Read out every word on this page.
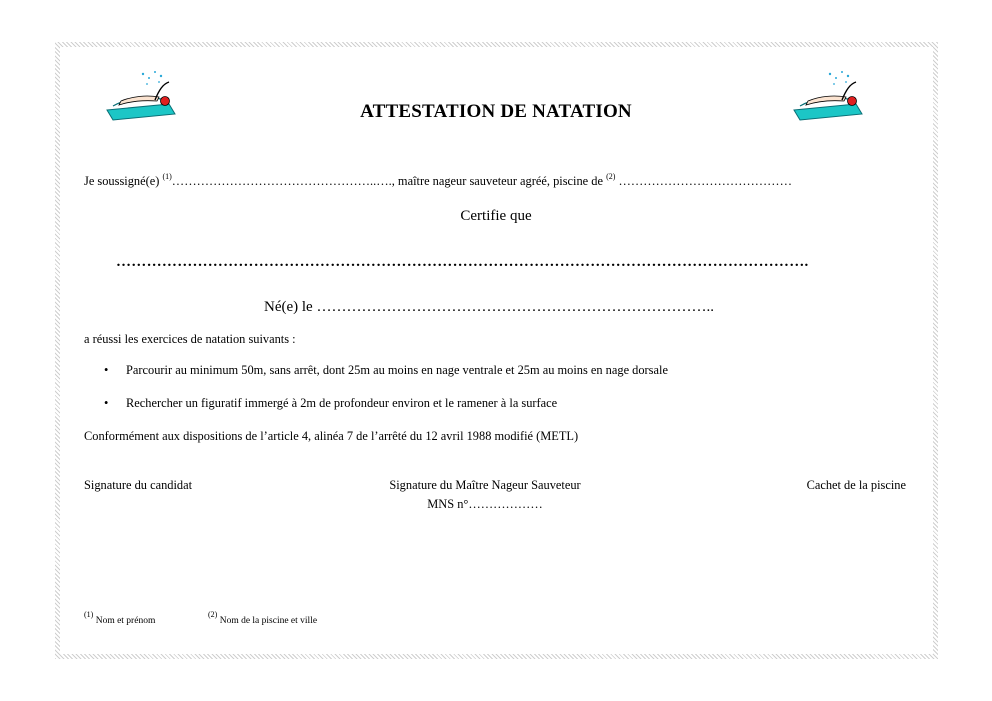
ATTESTATION DE NATATION
Je soussigné(e) $^{(1)}$…………………………………………..…., maître nageur sauveteur agréé, piscine de $^{(2)}$ ……………………………………
Certifie que
……………………………………………………………………………………………………………………….
Né(e) le ……………………………………………………………………..
a réussi les exercices de natation suivants :
• Parcourir au minimum 50m, sans arrêt, dont 25m au moins en nage ventrale et 25m au moins en nage dorsale
• Rechercher un figuratif immergé à 2m de profondeur environ et le ramener à la surface
Conformément aux dispositions de l’article 4, alinéa 7 de l’arrêté du 12 avril 1988 modifié (METL)
Signature du candidat	Signature du Maître Nageur Sauveteur
MNS n°………………
Cachet de la piscine
$^{(1)}$ Nom et prénom
$^{(2)}$ Nom de la piscine et ville
